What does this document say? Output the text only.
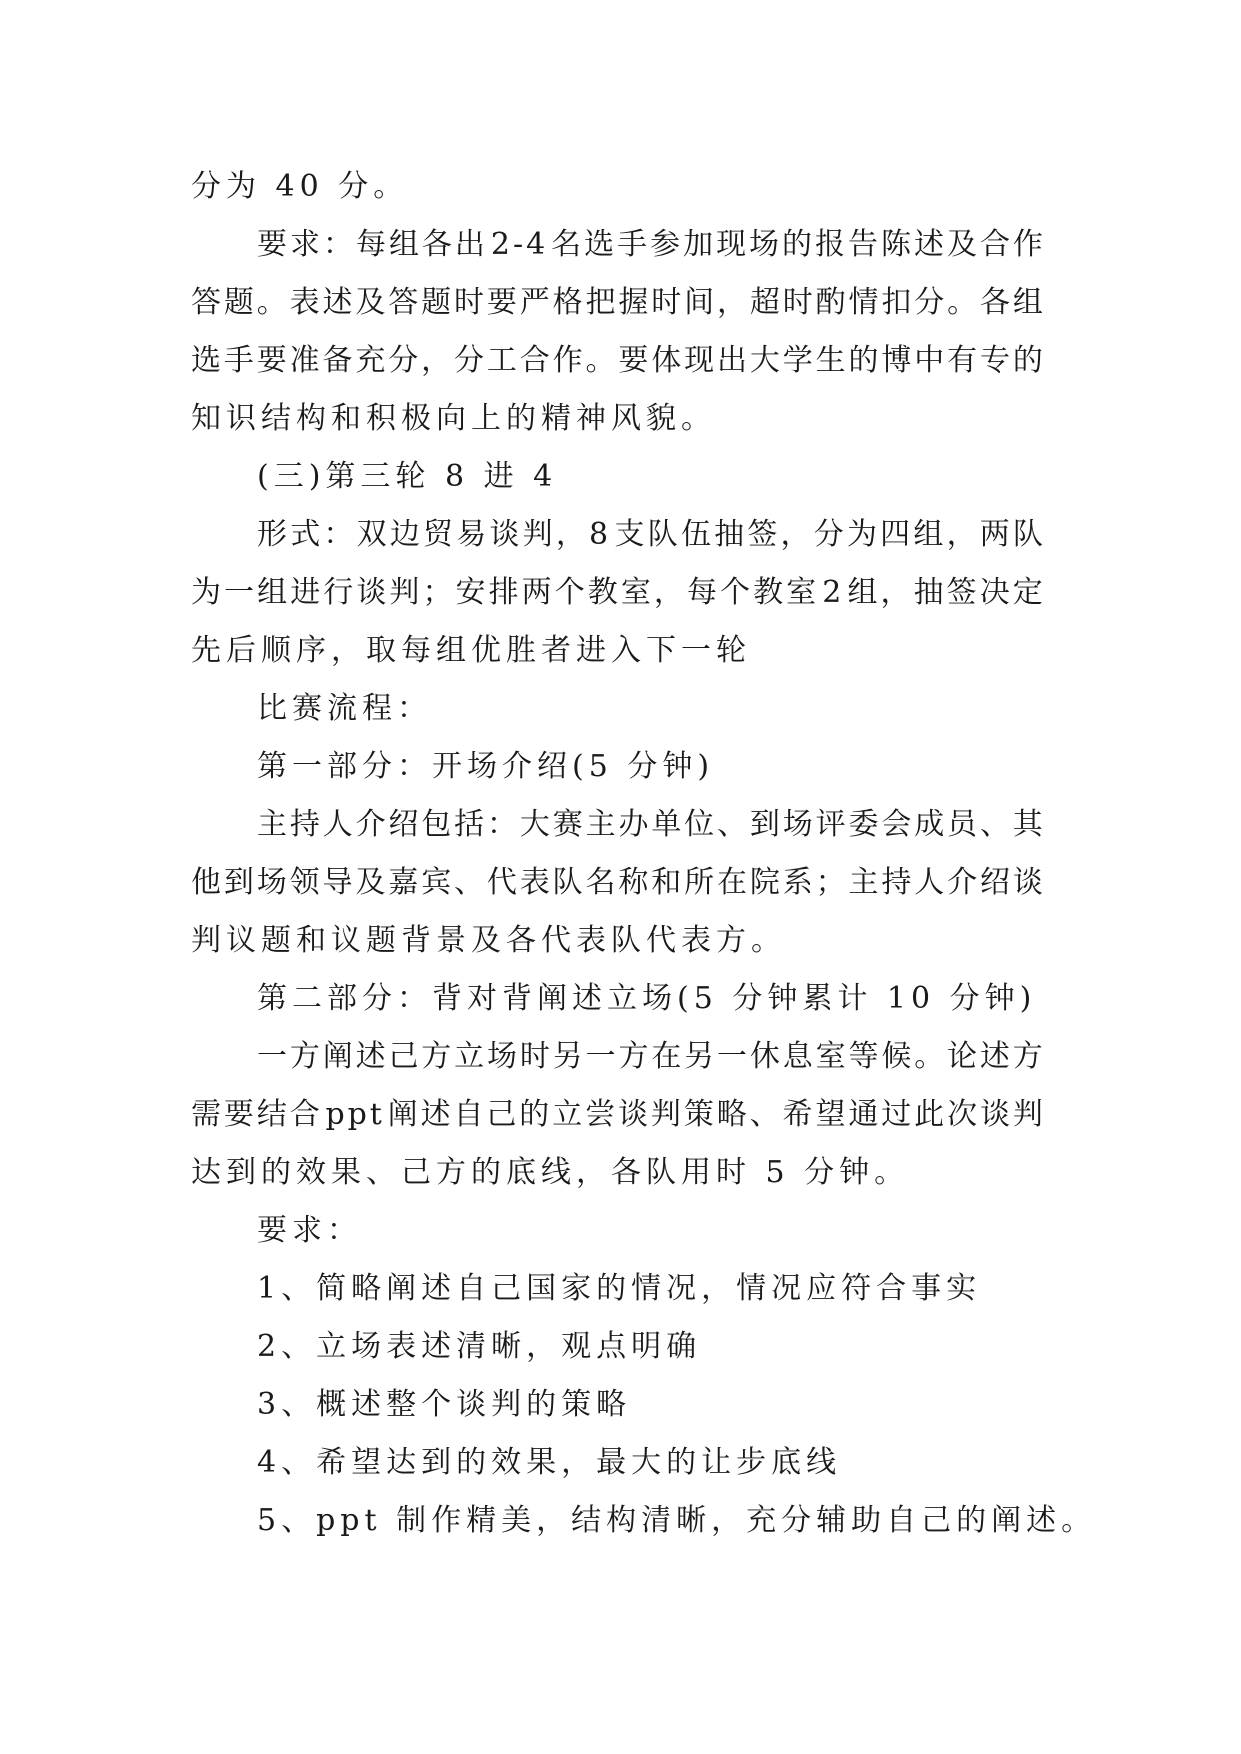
分为 40 分。
要 求 ： 每 组 各 出 2 - 4 名 选 手 参 加 现 场 的 报 告 陈 述 及 合 作
答 题 。 表 述 及 答 题 时 要 严 格 把 握 时 间 ， 超 时 酌 情 扣 分 。 各 组
选 手 要 准 备 充 分 ， 分 工 合 作 。 要 体 现 出 大 学 生 的 博 中 有 专 的
知识结构和积极向上的精神风貌。
(三)第三轮 8 进 4
形 式 ： 双 边 贸 易 谈 判 ， 8 支 队 伍 抽 签 ， 分 为 四 组 ， 两 队
为 一 组 进 行 谈 判 ； 安 排 两 个 教 室 ， 每 个 教 室 2 组 ， 抽 签 决 定
先后顺序，取每组优胜者进入下一轮
比赛流程：
第一部分：开场介绍(5 分钟)
主 持 人 介 绍 包 括 ： 大 赛 主 办 单 位 、 到 场 评 委 会 成 员 、 其
他 到 场 领 导 及 嘉 宾 、 代 表 队 名 称 和 所 在 院 系 ； 主 持 人 介 绍 谈
判议题和议题背景及各代表队代表方。
第二部分：背对背阐述立场(5 分钟累计 10 分钟)
一 方 阐 述 己 方 立 场 时 另 一 方 在 另 一 休 息 室 等 候 。 论 述 方
需 要 结 合 p p t 阐 述 自 己 的 立 尝 谈 判 策 略 、 希 望 通 过 此 次 谈 判
达到的效果、己方的底线，各队用时 5 分钟。
要求：
1、简略阐述自己国家的情况，情况应符合事实
2、立场表述清晰，观点明确
3、概述整个谈判的策略
4、希望达到的效果，最大的让步底线
5、ppt 制作精美，结构清晰，充分辅助自己的阐述。
